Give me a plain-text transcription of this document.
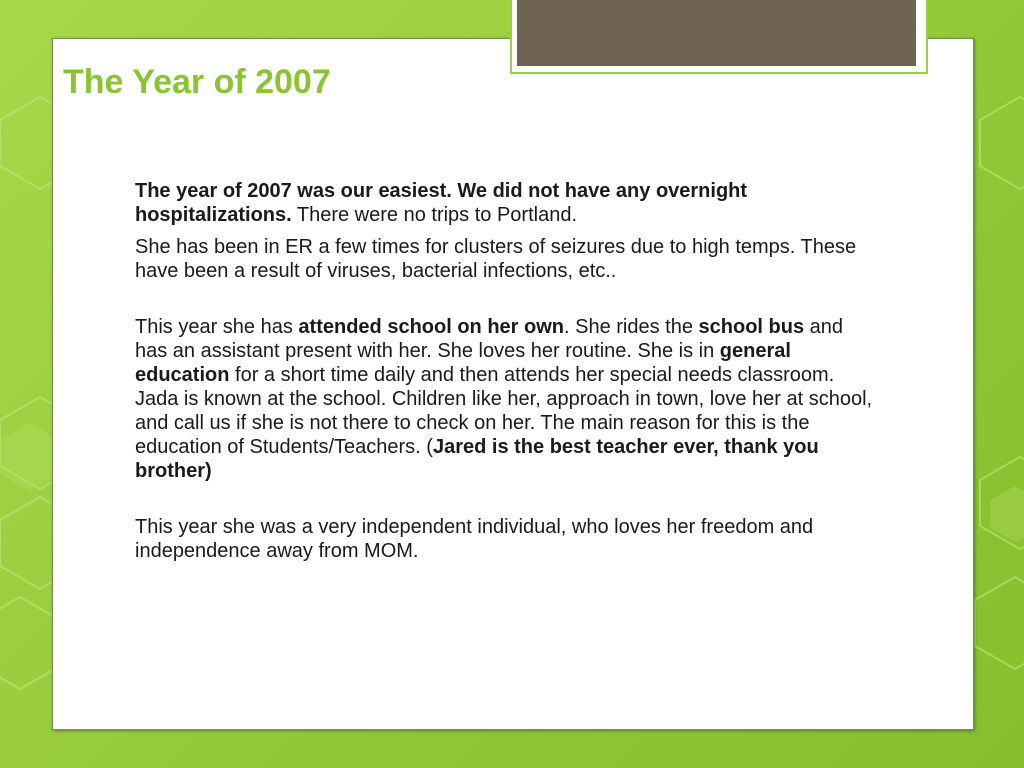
The Year of 2007

The year of 2007 was our easiest. We did not have any overnight hospitalizations. There were no trips to Portland.

She has been in ER a few times for clusters of seizures due to high temps. These have been a result of viruses, bacterial infections, etc..

This year she has attended school on her own. She rides the school bus and has an assistant present with her. She loves her routine. She is in general education for a short time daily and then attends her special needs classroom. Jada is known at the school. Children like her, approach in town, love her at school, and call us if she is not there to check on her. The main reason for this is the education of Students/Teachers. (Jared is the best teacher ever, thank you brother)

This year she was a very independent individual, who loves her freedom and independence away from MOM.
